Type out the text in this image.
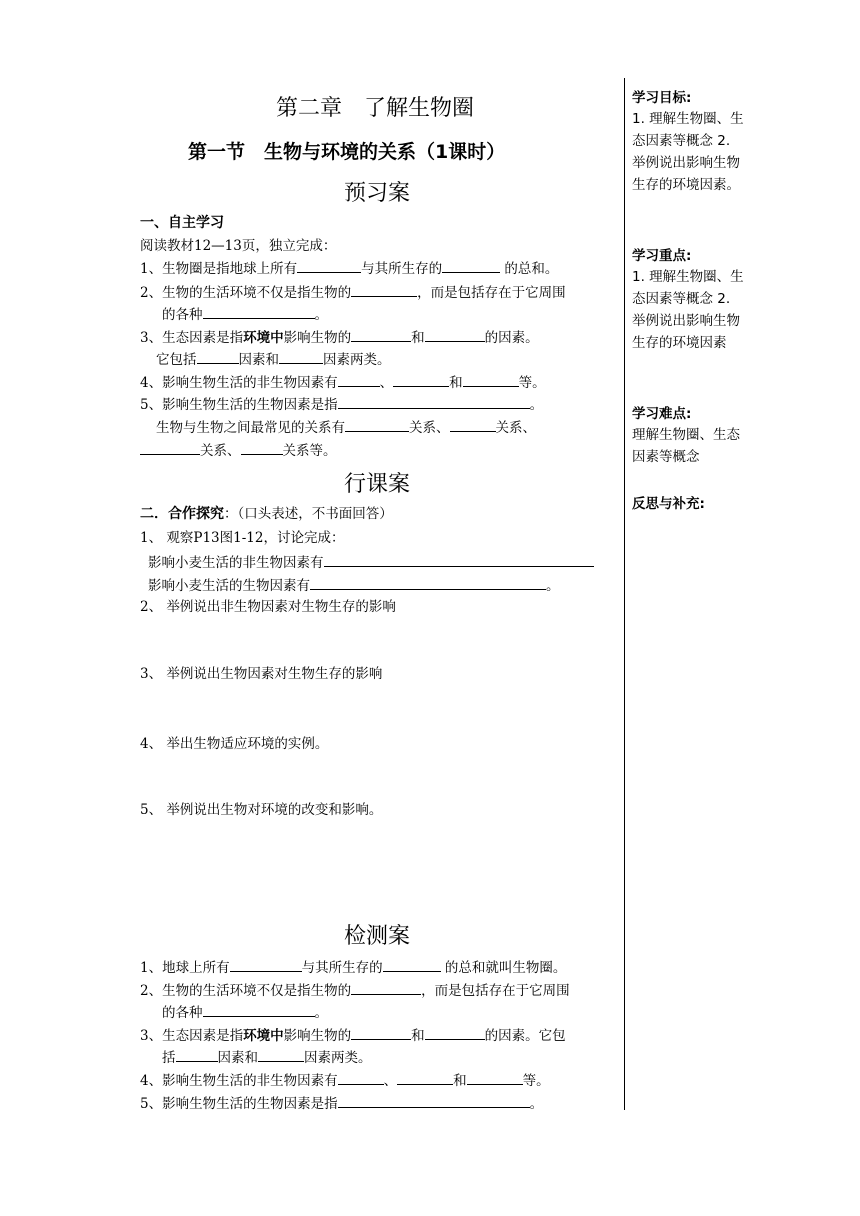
第二章　了解生物圈
第一节　生物与环境的关系（1课时）
预习案
一、自主学习
阅读教材12—13页，独立完成：
1、生物圈是指地球上所有	与其所生存的	的总和。
2、生物的生活环境不仅是指生物的	，而是包括存在于它周围
的各种	。
3、生态因素是指环境中影响生物的	和	的因素。
它包括	因素和	因素两类。
4、影响生物生活的非生物因素有	、	和	等。
5、影响生物生活的生物因素是指	。
生物与生物之间最常见的关系有	关系、	关系、
关系、	关系等。
行课案
二．合作探究：（口头表述，不书面回答）
1、 观察P13图1-12，讨论完成：
影响小麦生活的非生物因素有
影响小麦生活的生物因素有	。
2、 举例说出非生物因素对生物生存的影响
3、 举例说出生物因素对生物生存的影响
4、 举出生物适应环境的实例。
5、 举例说出生物对环境的改变和影响。
检测案
1、地球上所有	与其所生存的	的总和就叫生物圈。
2、生物的生活环境不仅是指生物的	，而是包括存在于它周围
的各种	。
3、生态因素是指环境中影响生物的	和	的因素。它包
括	因素和	因素两类。
4、影响生物生活的非生物因素有	、	和	等。
5、影响生物生活的生物因素是指	。
学习目标:
1. 理解生物圈、生态因素等概念 2. 举例说出影响生物生存的环境因素。
学习重点:
1. 理解生物圈、生态因素等概念 2. 举例说出影响生物生存的环境因素
学习难点:
理解生物圈、生态因素等概念
反思与补充:
